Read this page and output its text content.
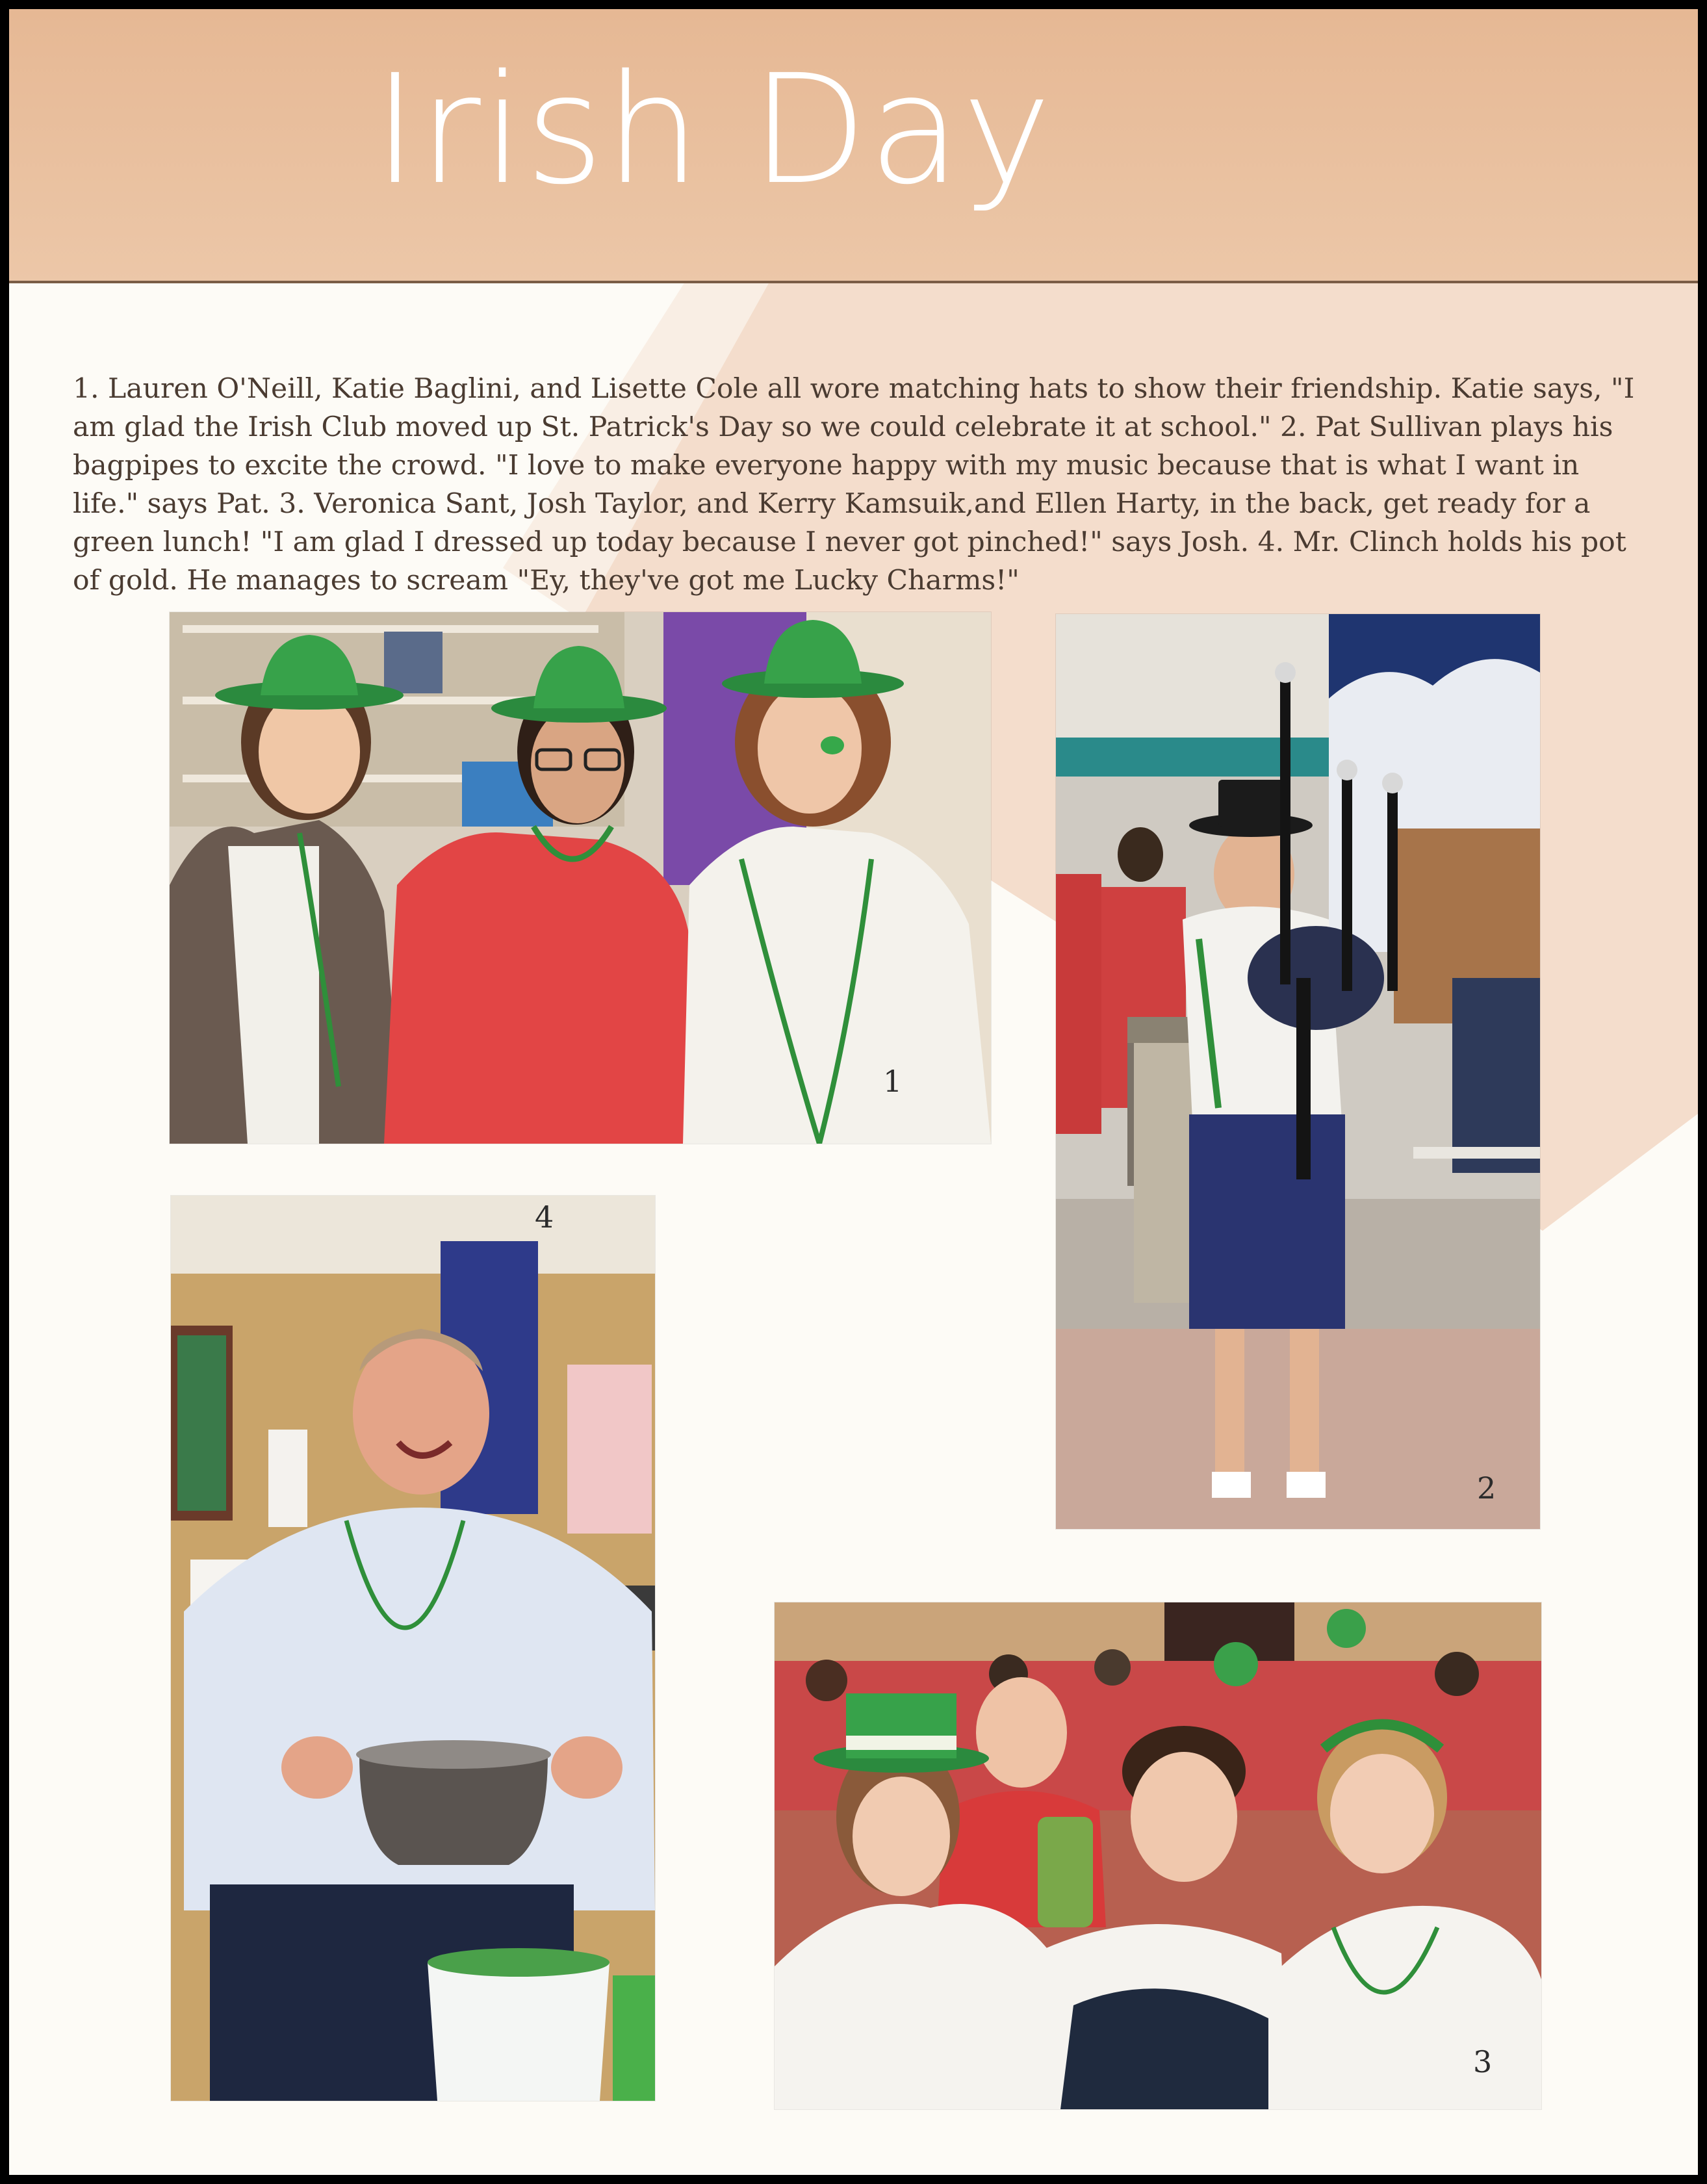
Irish Day
1. Lauren O'Neill, Katie Baglini, and Lisette Cole all wore matching hats to show their friendship. Katie says, "I am glad the Irish Club moved up St. Patrick's Day so we could celebrate it at school." 2. Pat Sullivan plays his bagpipes to excite the crowd. "I love to make everyone happy with my music because that is what I want in life." says Pat. 3. Veronica Sant, Josh Taylor, and Kerry Kamsuik,and Ellen Harty, in the back, get ready for a green lunch! "I am glad I dressed up today because I never got pinched!" says Josh. 4. Mr. Clinch holds his pot of gold. He manages to scream "Ey, they've got me Lucky Charms!"
1
2
4
3
